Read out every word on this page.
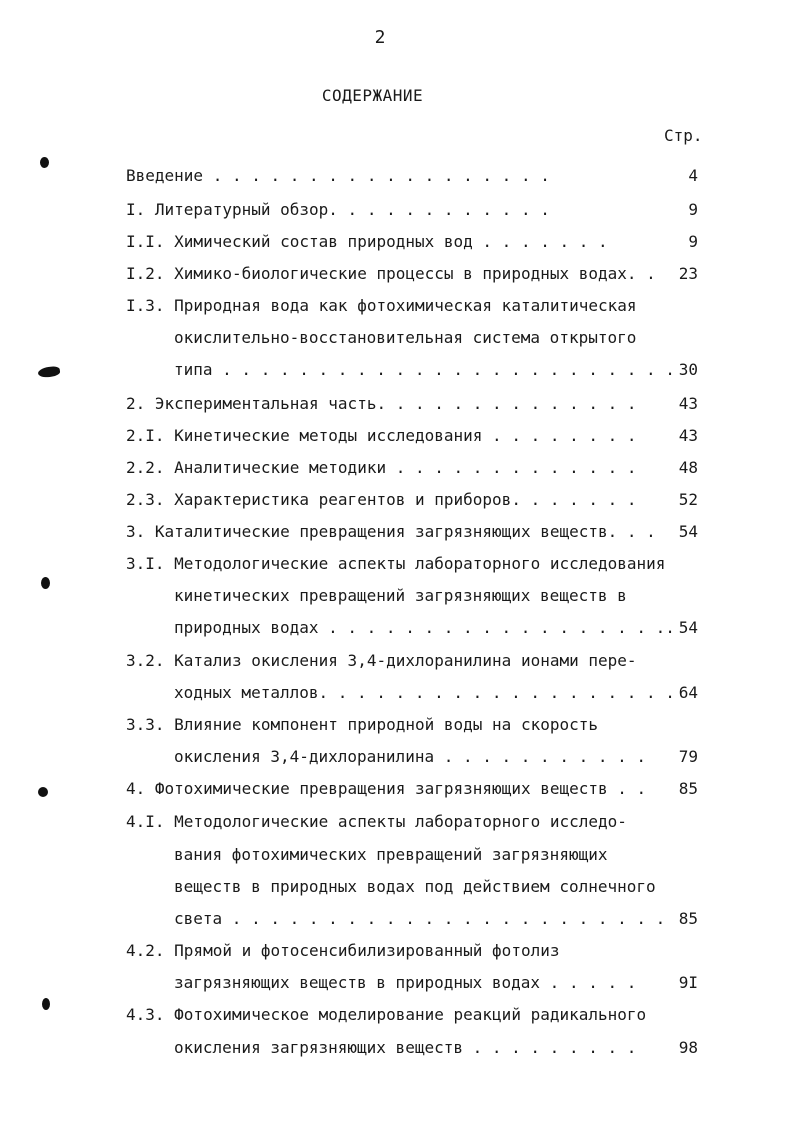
2
СОДЕРЖАНИЕ
Стр.
Введение . . . . . . . . . . . . . . . . . .	4
I. Литературный обзор. . . . . . . . . . . .	9
I.I. Химический состав природных вод . . . . . . .	9
I.2. Химико-биологические процессы в природных водах. . 23
I.3. Природная вода как фотохимическая каталитическая
окислительно-восстановительная система открытого
типа . . . . . . . . . . . . . . . . . . . . . . . . 30
2. Экспериментальная часть. . . . . . . . . . . . . .	43
2.I. Кинетические методы исследования . . . . . . . .	43
2.2. Аналитические методики . . . . . . . . . . . . .	48
2.3. Характеристика реагентов и приборов. . . . . . .	52
3. Каталитические превращения загрязняющих веществ. . . 54
3.I. Методологические аспекты лабораторного исследования
кинетических превращений загрязняющих веществ в
природных водах . . . . . . . . . . . . . . . . . .. 54
3.2. Катализ окисления 3,4-дихлоранилина ионами пере-
ходных металлов. . . . . . . . . . . . . . . . . . . 64
3.3. Влияние компонент природной воды на скорость
окисления 3,4-дихлоранилина . . . . . . . . . . . 79
4. Фотохимические превращения загрязняющих веществ . . 85
4.I. Методологические аспекты лабораторного исследо-
вания фотохимических превращений загрязняющих
веществ в природных водах под действием солнечного
света . . . . . . . . . . . . . . . . . . . . . . . 85
4.2. Прямой и фотосенсибилизированный фотолиз
загрязняющих веществ в природных водах . . . . .	9I
4.3. Фотохимическое моделирование реакций радикального
окисления загрязняющих веществ . . . . . . . . .	98
